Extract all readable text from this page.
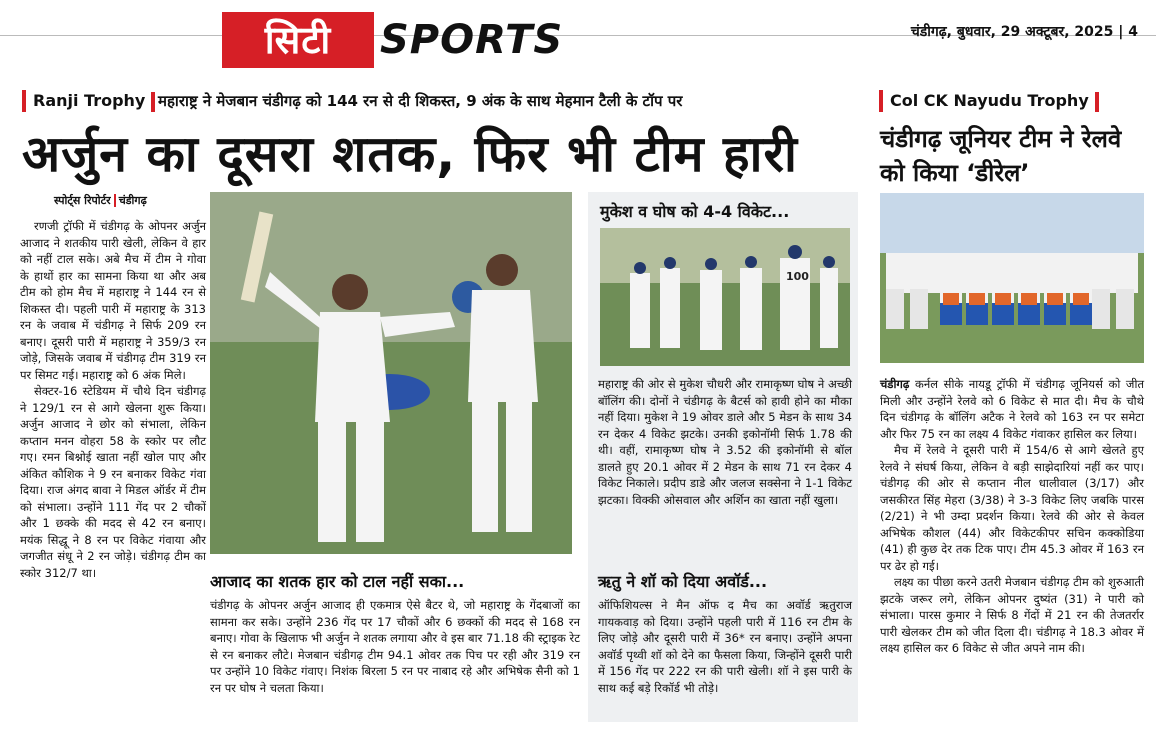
सिटी	SPORTS	चंडीगढ़, बुधवार, 29 अक्टूबर, 2025 | 4
Ranji Trophy महाराष्ट्र ने मेजबान चंडीगढ़ को 144 रन से दी शिकस्त, 9 अंक के साथ मेहमान टैली के टॉप पर
अर्जुन का दूसरा शतक, फिर भी टीम हारी
Col CK Nayudu Trophy
चंडीगढ़ जूनियर टीम ने रेलवे को किया ‘डीरेल’
स्पोर्ट्स रिपोर्टर चंडीगढ़

रणजी ट्रॉफी में चंडीगढ़ के ओपनर अर्जुन आजाद ने शतकीय पारी खेली, लेकिन वे हार को नहीं टाल सके। अबे मैच में टीम ने गोवा के हाथों हार का सामना किया था और अब टीम को होम मैच में महाराष्ट्र ने 144 रन से शिकस्त दी। पहली पारी में महाराष्ट्र के 313 रन के जवाब में चंडीगढ़ ने सिर्फ 209 रन बनाए। दूसरी पारी में महाराष्ट्र ने 359/3 रन जोड़े, जिसके जवाब में चंडीगढ़ टीम 319 रन पर सिमट गई। महाराष्ट्र को 6 अंक मिले।

सेक्टर-16 स्टेडियम में चौथे दिन चंडीगढ़ ने 129/1 रन से आगे खेलना शुरू किया। अर्जुन आजाद ने छोर को संभाला, लेकिन कप्तान मनन वोहरा 58 के स्कोर पर लौट गए। रमन बिश्नोई खाता नहीं खोल पाए और अंकित कौशिक ने 9 रन बनाकर विकेट गंवा दिया। राज अंगद बावा ने मिडल ऑर्डर में टीम को संभाला। उन्होंने 111 गेंद पर 2 चौकों और 1 छक्के की मदद से 42 रन बनाए। मयंक सिद्धू ने 8 रन पर विकेट गंवाया और जगजीत संधू ने 2 रन जोड़े। चंडीगढ़ टीम का स्कोर 312/7 था।	आजाद का शतक हार को टाल नहीं सका...

चंडीगढ़ के ओपनर अर्जुन आजाद ही एकमात्र ऐसे बैटर थे, जो महाराष्ट्र के गेंदबाजों का सामना कर सके। उन्होंने 236 गेंद पर 17 चौकों और 6 छक्कों की मदद से 168 रन बनाए। गोवा के खिलाफ भी अर्जुन ने शतक लगाया और वे इस बार 71.18 की स्ट्राइक रेट से रन बनाकर लौटे। मेजबान चंडीगढ़ टीम 94.1 ओवर तक पिच पर रही और 319 रन पर उन्होंने 10 विकेट गंवाए। निशंक बिरला 5 रन पर नाबाद रहे और अभिषेक सैनी को 1 रन पर घोष ने चलता किया।

मुकेश व घोष को 4-4 विकेट...
100

महाराष्ट्र की ओर से मुकेश चौधरी और रामाकृष्ण घोष ने अच्छी बॉलिंग की। दोनों ने चंडीगढ़ के बैटर्स को हावी होने का मौका नहीं दिया। मुकेश ने 19 ओवर डाले और 5 मेडन के साथ 34 रन देकर 4 विकेट झटके। उनकी इकोनॉमी सिर्फ 1.78 की थी। वहीं, रामाकृष्ण घोष ने 3.52 की इकोनॉमी से बॉल डालते हुए 20.1 ओवर में 2 मेडन के साथ 71 रन देकर 4 विकेट निकाले। प्रदीप डाडे और जलज सक्सेना ने 1-1 विकेट झटका। विक्की ओसवाल और अर्शिन का खाता नहीं खुला।

ऋतु ने शॉ को दिया अवॉर्ड...

ऑफिशियल्स ने मैन ऑफ द मैच का अवॉर्ड ऋतुराज गायकवाड़ को दिया। उन्होंने पहली पारी में 116 रन टीम के लिए जोड़े और दूसरी पारी में 36* रन बनाए। उन्होंने अपना अवॉर्ड पृथ्वी शॉ को देने का फैसला किया, जिन्होंने दूसरी पारी में 156 गेंद पर 222 रन की पारी खेली। शॉ ने इस पारी के साथ कई बड़े रिकॉर्ड भी तोड़े।

चंडीगढ़ कर्नल सीके नायडू ट्रॉफी में चंडीगढ़ जूनियर्स को जीत मिली और उन्होंने रेलवे को 6 विकेट से मात दी। मैच के चौथे दिन चंडीगढ़ के बॉलिंग अटैक ने रेलवे को 163 रन पर समेटा और फिर 75 रन का लक्ष्य 4 विकेट गंवाकर हासिल कर लिया।

मैच में रेलवे ने दूसरी पारी में 154/6 से आगे खेलते हुए रेलवे ने संघर्ष किया, लेकिन वे बड़ी साझेदारियां नहीं कर पाए। चंडीगढ़ की ओर से कप्तान नील धालीवाल (3/17) और जसकीरत सिंह मेहरा (3/38) ने 3-3 विकेट लिए जबकि पारस (2/21) ने भी उम्दा प्रदर्शन किया। रेलवे की ओर से केवल अभिषेक कौशल (44) और विकेटकीपर सचिन कक्कोडिया (41) ही कुछ देर तक टिक पाए। टीम 45.3 ओवर में 163 रन पर ढेर हो गई।

लक्ष्य का पीछा करने उतरी मेजबान चंडीगढ़ टीम को शुरुआती झटके जरूर लगे, लेकिन ओपनर दुष्यंत (31) ने पारी को संभाला। पारस कुमार ने सिर्फ 8 गेंदों में 21 रन की तेजतर्रार पारी खेलकर टीम को जीत दिला दी। चंडीगढ़ ने 18.3 ओवर में लक्ष्य हासिल कर 6 विकेट से जीत अपने नाम की।
